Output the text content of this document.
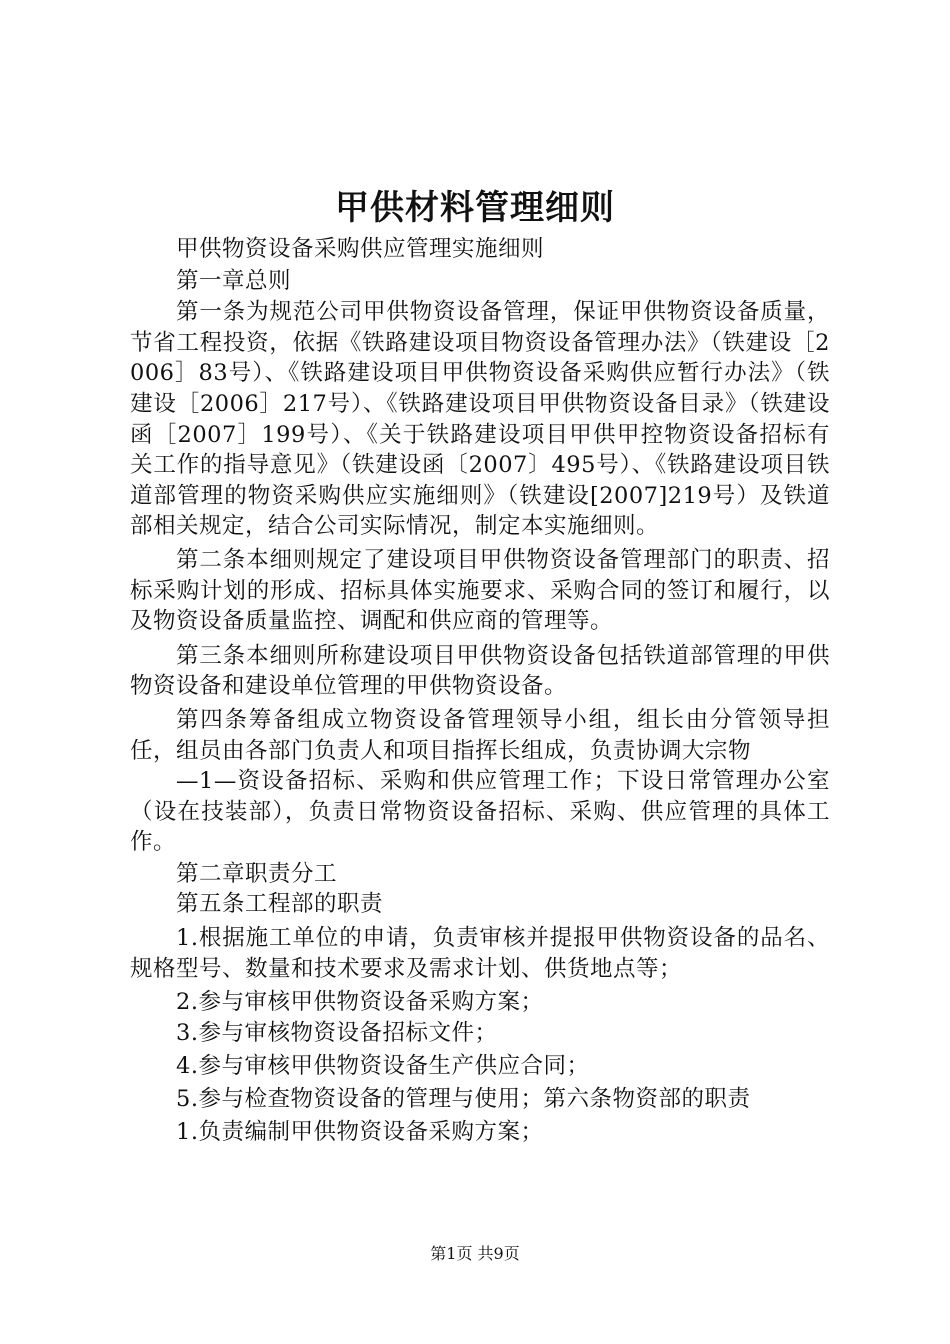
甲供材料管理细则

甲供物资设备采购供应管理实施细则

第一章总则

第一条为规范公司甲供物资设备管理，保证甲供物资设备质量，节省工程投资，依据《铁路建设项目物资设备管理办法》（铁建设［2006］83号）、《铁路建设项目甲供物资设备采购供应暂行办法》（铁建设［2006］217号）、《铁路建设项目甲供物资设备目录》（铁建设函［2007］199号）、《关于铁路建设项目甲供甲控物资设备招标有关工作的指导意见》（铁建设函〔2007〕495号）、《铁路建设项目铁道部管理的物资采购供应实施细则》（铁建设[2007]219号）及铁道部相关规定，结合公司实际情况，制定本实施细则。

第二条本细则规定了建设项目甲供物资设备管理部门的职责、招标采购计划的形成、招标具体实施要求、采购合同的签订和履行，以及物资设备质量监控、调配和供应商的管理等。

第三条本细则所称建设项目甲供物资设备包括铁道部管理的甲供物资设备和建设单位管理的甲供物资设备。

第四条筹备组成立物资设备管理领导小组，组长由分管领导担任，组员由各部门负责人和项目指挥长组成，负责协调大宗物

—1—资设备招标、采购和供应管理工作；下设日常管理办公室（设在技装部），负责日常物资设备招标、采购、供应管理的具体工作。

第二章职责分工

第五条工程部的职责

1.根据施工单位的申请，负责审核并提报甲供物资设备的品名、规格型号、数量和技术要求及需求计划、供货地点等；

2.参与审核甲供物资设备采购方案；

3.参与审核物资设备招标文件；

4.参与审核甲供物资设备生产供应合同；

5.参与检查物资设备的管理与使用；第六条物资部的职责

1.负责编制甲供物资设备采购方案；

第1页 共9页
